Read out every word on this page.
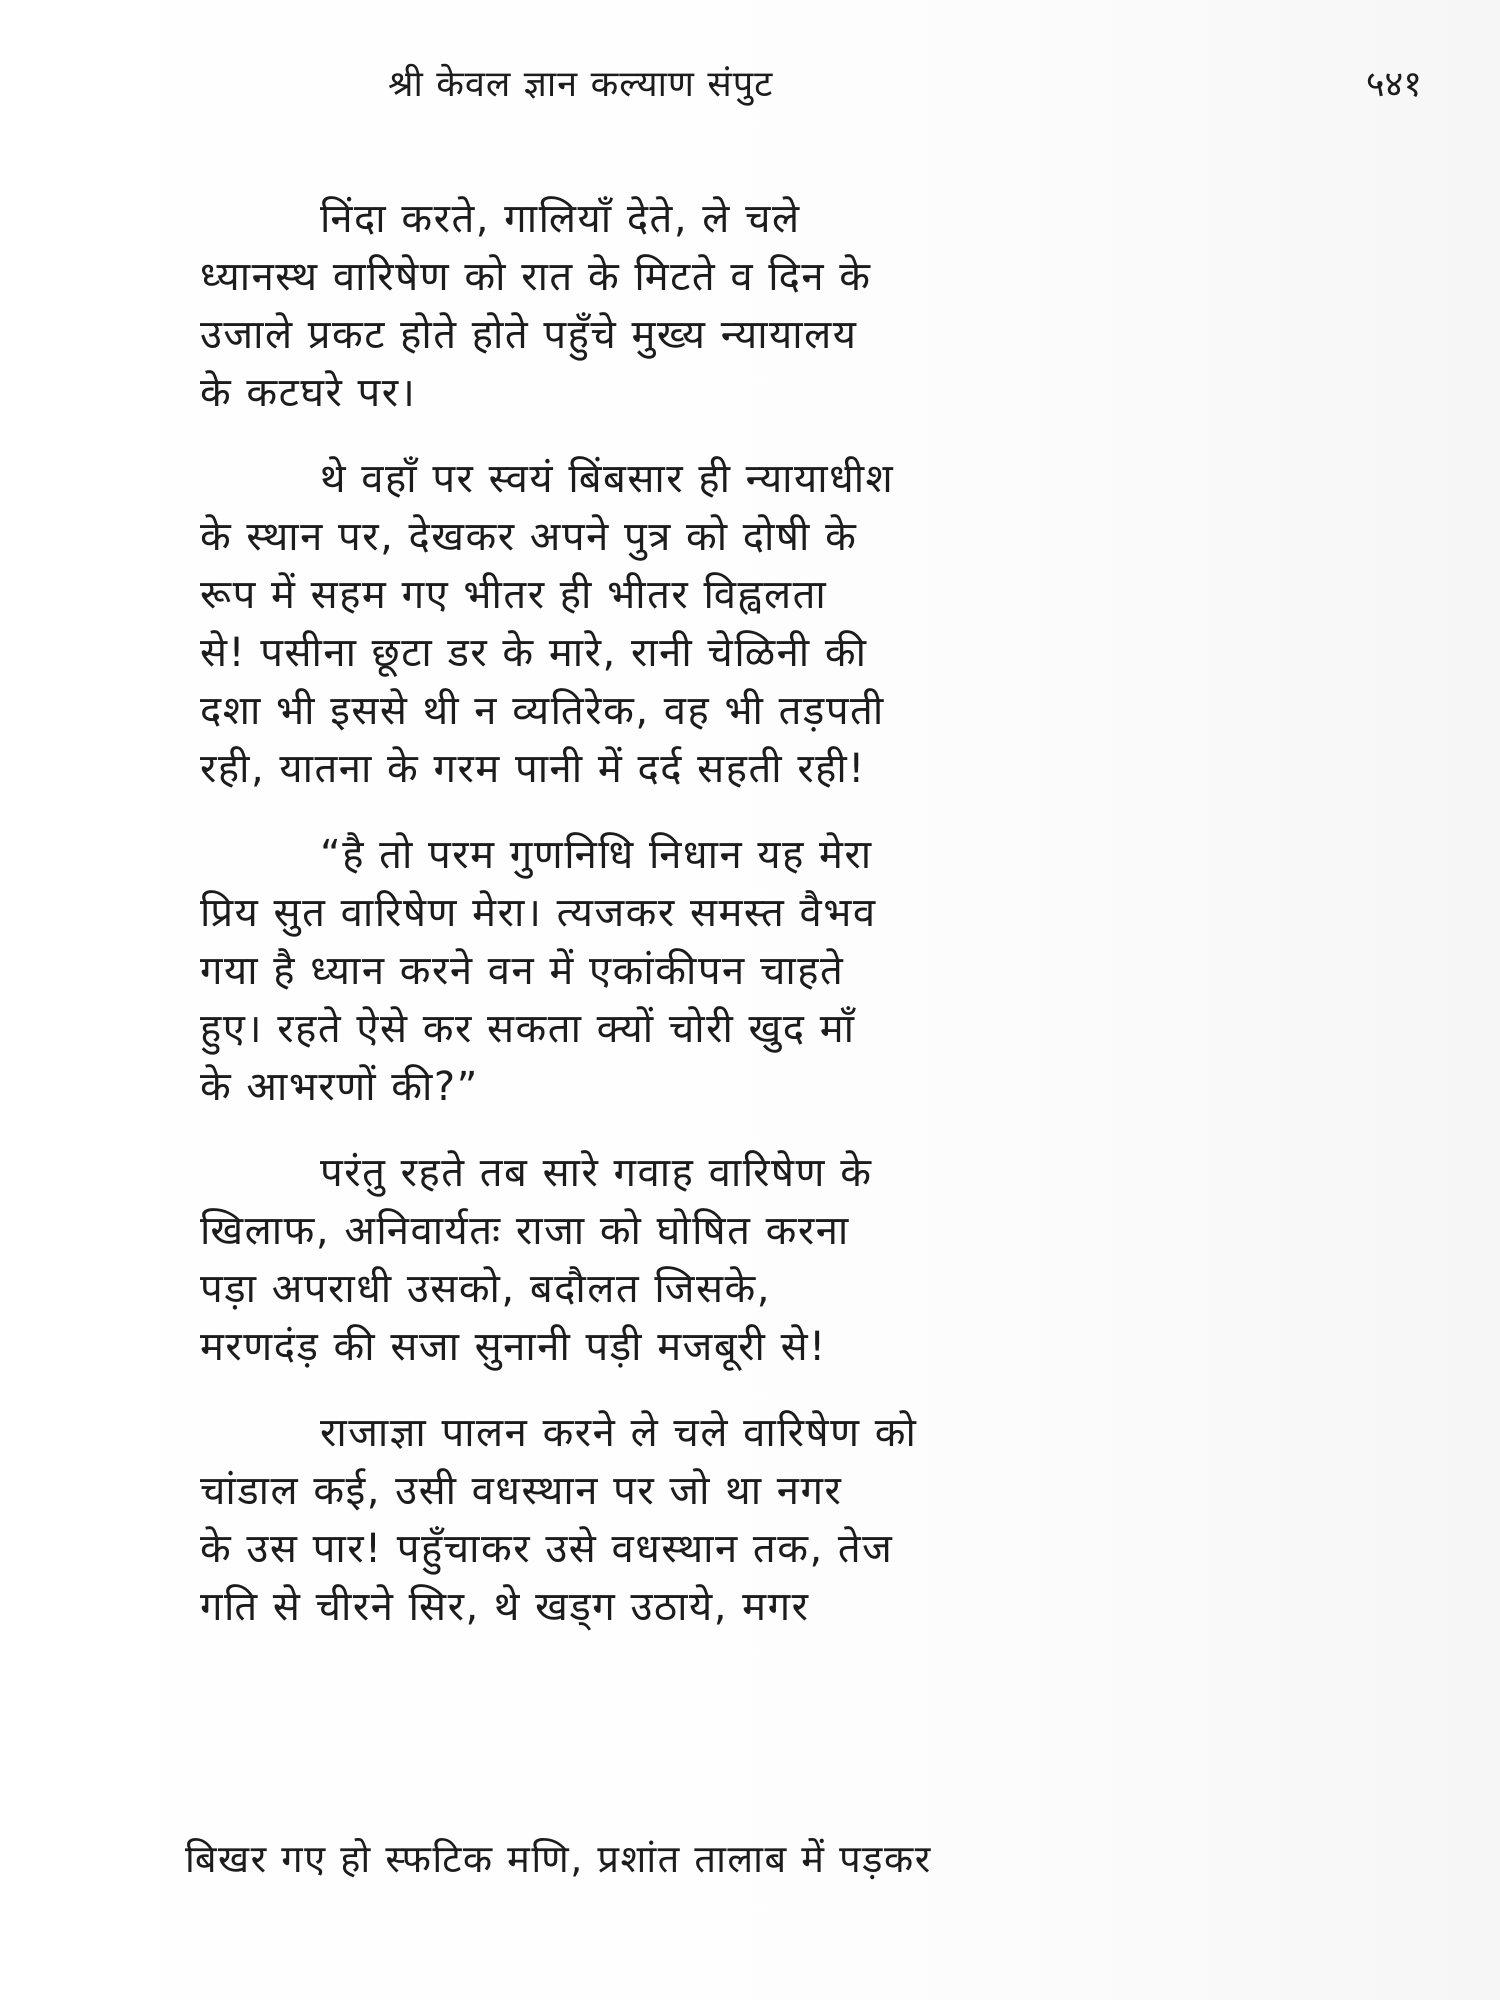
श्री केवल ज्ञान कल्याण संपुट	५४१
निंदा करते, गालियाँ देते, ले चले
ध्यानस्थ वारिषेण को रात के मिटते व दिन के
उजाले प्रकट होते होते पहुँचे मुख्य न्यायालय
के कटघरे पर।
थे वहाँ पर स्वयं बिंबसार ही न्यायाधीश
के स्थान पर, देखकर अपने पुत्र को दोषी के
रूप में सहम गए भीतर ही भीतर विह्वलता
से! पसीना छूटा डर के मारे, रानी चेळिनी की
दशा भी इससे थी न व्यतिरेक, वह भी तड़पती
रही, यातना के गरम पानी में दर्द सहती रही!
“है तो परम गुणनिधि निधान यह मेरा
प्रिय सुत वारिषेण मेरा। त्यजकर समस्त वैभव
गया है ध्यान करने वन में एकांकीपन चाहते
हुए। रहते ऐसे कर सकता क्यों चोरी खुद माँ
के आभरणों की?”
परंतु रहते तब सारे गवाह वारिषेण के
खिलाफ, अनिवार्यतः राजा को घोषित करना
पड़ा अपराधी उसको, बदौलत जिसके,
मरणदंड़ की सजा सुनानी पड़ी मजबूरी से!
राजाज्ञा पालन करने ले चले वारिषेण को
चांडाल कई, उसी वधस्थान पर जो था नगर
के उस पार! पहुँचाकर उसे वधस्थान तक, तेज
गति से चीरने सिर, थे खड्ग उठाये, मगर
बिखर गए हो स्फटिक मणि, प्रशांत तालाब में पड़कर
